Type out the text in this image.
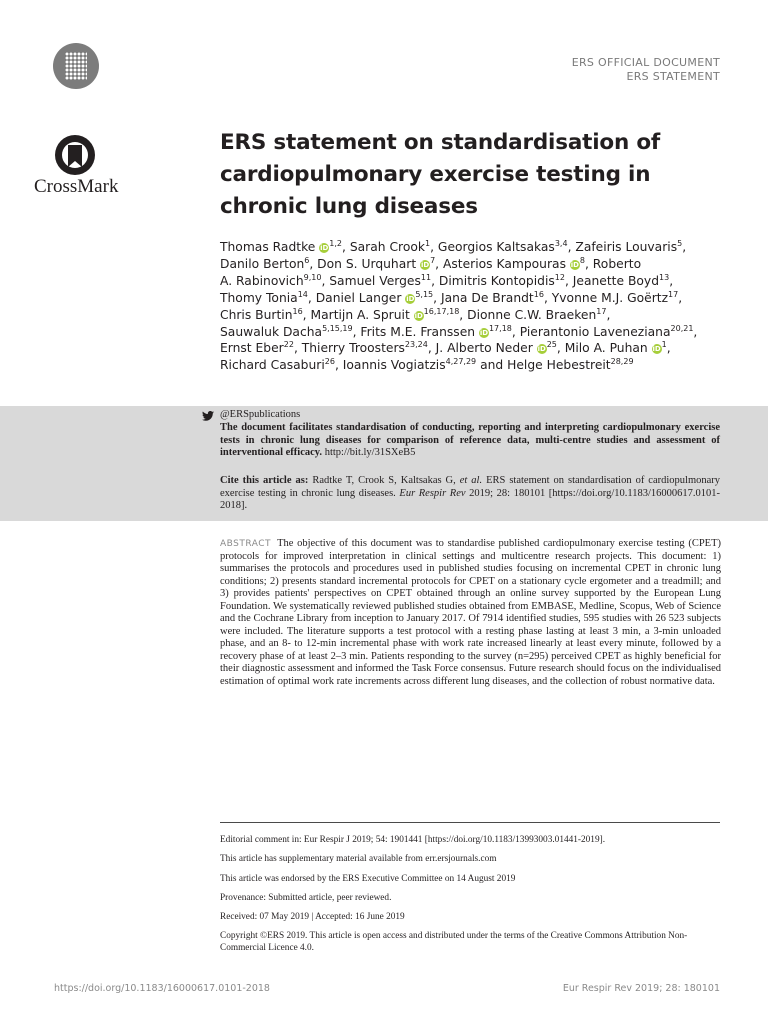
ERS OFFICIAL DOCUMENT
ERS STATEMENT
CrossMark
ERS statement on standardisation of cardiopulmonary exercise testing in chronic lung diseases
Thomas Radtke iD$^{1,2}$, Sarah Crook$^1$, Georgios Kaltsakas$^{3,4}$, Zafeiris Louvaris$^5$,
Danilo Berton$^6$, Don S. Urquhart $iD^7$, Asterios Kampouras $iD^8$, Roberto
A. Rabinovich$^{9,10}$, Samuel Verges$^{11}$, Dimitris Kontopidis$^{12}$, Jeanette Boyd$^{13}$,
Thomy Tonia$^{14}$, Daniel Langer iD$^{5,15}$, Jana De Brandt$^{16}$, Yvonne M.J. Goërtz$^{17}$,
Chris Burtin$^{16}$, Martijn A. Spruit iD$^{16,17,18}$, Dionne C.W. Braeken$^{17}$,
Sauwaluk Dacha$^{5,15,19}$, Frits M.E. Franssen iD$^{17,18}$, Pierantonio Laveneziana$^{20,21}$,
Ernst Eber$^{22}$, Thierry Troosters$^{23,24}$, J. Alberto Neder $iD^{25}$, Milo A. Puhan $iD^1$,
Richard Casaburi$^{26}$, Ioannis Vogiatzis$^{4,27,29}$ and Helge Hebestreit$^{28,29}$
@ERSpublications
The document facilitates standardisation of conducting, reporting and interpreting cardiopulmonary exercise tests in chronic lung diseases for comparison of reference data, multi-centre studies and assessment of interventional efficacy. http://bit.ly/31SXeB5
Cite this article as: Radtke T, Crook S, Kaltsakas G, et al. ERS statement on standardisation of cardiopulmonary exercise testing in chronic lung diseases. Eur Respir Rev 2019; 28: 180101 [https://doi.org/10.1183/16000617.0101-2018].
ABSTRACT The objective of this document was to standardise published cardiopulmonary exercise testing (CPET) protocols for improved interpretation in clinical settings and multicentre research projects. This document: 1) summarises the protocols and procedures used in published studies focusing on incremental CPET in chronic lung conditions; 2) presents standard incremental protocols for CPET on a stationary cycle ergometer and a treadmill; and 3) provides patients' perspectives on CPET obtained through an online survey supported by the European Lung Foundation. We systematically reviewed published studies obtained from EMBASE, Medline, Scopus, Web of Science and the Cochrane Library from inception to January 2017. Of 7914 identified studies, 595 studies with 26 523 subjects were included. The literature supports a test protocol with a resting phase lasting at least 3 min, a 3-min unloaded phase, and an 8- to 12-min incremental phase with work rate increased linearly at least every minute, followed by a recovery phase of at least 2–3 min. Patients responding to the survey (n=295) perceived CPET as highly beneficial for their diagnostic assessment and informed the Task Force consensus. Future research should focus on the individualised estimation of optimal work rate increments across different lung diseases, and the collection of robust normative data.
Editorial comment in: Eur Respir J 2019; 54: 1901441 [https://doi.org/10.1183/13993003.01441-2019].
This article has supplementary material available from err.ersjournals.com
This article was endorsed by the ERS Executive Committee on 14 August 2019
Provenance: Submitted article, peer reviewed.
Received: 07 May 2019 | Accepted: 16 June 2019
Copyright ©ERS 2019. This article is open access and distributed under the terms of the Creative Commons Attribution Non-Commercial Licence 4.0.
https://doi.org/10.1183/16000617.0101-2018	Eur Respir Rev 2019; 28: 180101
